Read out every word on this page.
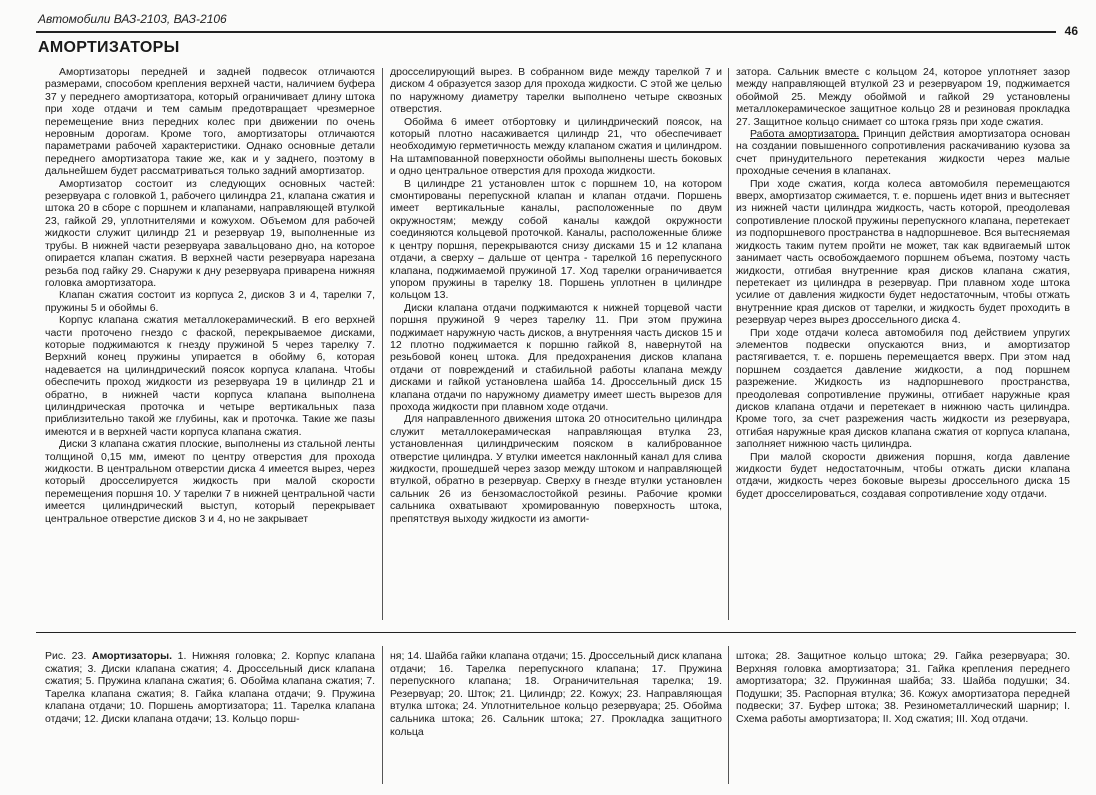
Автомобили ВАЗ-2103, ВАЗ-2106
46
АМОРТИЗАТОРЫ

Амортизаторы передней и задней подвесок отличаются размерами, способом крепления верхней части, наличием буфера 37 у переднего амортизатора, который ограничивает длину штока при ходе отдачи и тем самым предотвращает чрезмерное перемещение вниз передних колес при движении по очень неровным дорогам. Кроме того, амортизаторы отличаются параметрами рабочей характеристики. Однако основные детали переднего амортизатора такие же, как и у заднего, поэтому в дальнейшем будет рассматриваться только задний амортизатор.

Амортизатор состоит из следующих основных частей: резервуара с головкой 1, рабочего цилиндра 21, клапана сжатия и штока 20 в сборе с поршнем и клапанами, направляющей втулкой 23, гайкой 29, уплотнителями и кожухом. Объемом для рабочей жидкости служит цилиндр 21 и резервуар 19, выполненные из трубы. В нижней части резервуара завальцовано дно, на которое опирается клапан сжатия. В верхней части резервуара нарезана резьба под гайку 29. Снаружи к дну резервуара приварена нижняя головка амортизатора.

Клапан сжатия состоит из корпуса 2, дисков 3 и 4, тарелки 7, пружины 5 и обоймы 6.

Корпус клапана сжатия металлокерамический. В его верхней части проточено гнездо с фаской, перекрываемое дисками, которые поджимаются к гнезду пружиной 5 через тарелку 7. Верхний конец пружины упирается в обойму 6, которая надевается на цилиндрический поясок корпуса клапана. Чтобы обеспечить проход жидкости из резервуара 19 в цилиндр 21 и обратно, в нижней части корпуса клапана выполнена цилиндрическая проточка и четыре вертикальных паза приблизительно такой же глубины, как и проточка. Такие же пазы имеются и в верхней части корпуса клапана сжатия.

Диски 3 клапана сжатия плоские, выполнены из стальной ленты толщиной 0,15 мм, имеют по центру отверстия для прохода жидкости. В центральном отверстии диска 4 имеется вырез, через который дросселируется жидкость при малой скорости перемещения поршня 10. У тарелки 7 в нижней центральной части имеется цилиндрический выступ, который перекрывает центральное отверстие дисков 3 и 4, но не закрывает

дросселирующий вырез. В собранном виде между тарелкой 7 и диском 4 образуется зазор для прохода жидкости. С этой же целью по наружному диаметру тарелки выполнено четыре сквозных отверстия.

Обойма 6 имеет отбортовку и цилиндрический поясок, на который плотно насаживается цилиндр 21, что обеспечивает необходимую герметичность между клапаном сжатия и цилиндром. На штампованной поверхности обоймы выполнены шесть боковых и одно центральное отверстия для прохода жидкости.

В цилиндре 21 установлен шток с поршнем 10, на котором смонтированы перепускной клапан и клапан отдачи. Поршень имеет вертикальные каналы, расположенные по двум окружностям; между собой каналы каждой окружности соединяются кольцевой проточкой. Каналы, расположенные ближе к центру поршня, перекрываются снизу дисками 15 и 12 клапана отдачи, а сверху – дальше от центра - тарелкой 16 перепускного клапана, поджимаемой пружиной 17. Ход тарелки ограничивается упором пружины в тарелку 18. Поршень уплотнен в цилиндре кольцом 13.

Диски клапана отдачи поджимаются к нижней торцевой части поршня пружиной 9 через тарелку 11. При этом пружина поджимает наружную часть дисков, а внутренняя часть дисков 15 и 12 плотно поджимается к поршню гайкой 8, навернутой на резьбовой конец штока. Для предохранения дисков клапана отдачи от повреждений и стабильной работы клапана между дисками и гайкой установлена шайба 14. Дроссельный диск 15 клапана отдачи по наружному диаметру имеет шесть вырезов для прохода жидкости при плавном ходе отдачи.

Для направленного движения штока 20 относительно цилиндра служит металлокерамическая направляющая втулка 23, установленная цилиндрическим пояском в калиброванное отверстие цилиндра. У втулки имеется наклонный канал для слива жидкости, прошедшей через зазор между штоком и направляющей втулкой, обратно в резервуар. Сверху в гнезде втулки установлен сальник 26 из бензомаслостойкой резины. Рабочие кромки сальника охватывают хромированную поверхность штока, препятствуя выходу жидкости из амorти-

затора. Сальник вместе с кольцом 24, которое уплотняет зазор между направляющей втулкой 23 и резервуаром 19, поджимается обоймой 25. Между обоймой и гайкой 29 установлены металлокерамическое защитное кольцо 28 и резиновая прокладка 27. Защитное кольцо снимает со штока грязь при ходе сжатия.

Работа амортизатора. Принцип действия амортизатора основан на создании повышенного сопротивления раскачиванию кузова за счет принудительного перетекания жидкости через малые проходные сечения в клапанах.

При ходе сжатия, когда колеса автомобиля перемещаются вверх, амортизатор сжимается, т. е. поршень идет вниз и вытесняет из нижней части цилиндра жидкость, часть которой, преодолевая сопротивление плоской пружины перепускного клапана, перетекает из подпоршневого пространства в надпоршневое. Вся вытесняемая жидкость таким путем пройти не может, так как вдвигаемый шток занимает часть освобождаемого поршнем объема, поэтому часть жидкости, отгибая внутренние края дисков клапана сжатия, перетекает из цилиндра в резервуар. При плавном ходе штока усилие от давления жидкости будет недостаточным, чтобы отжать внутренние края дисков от тарелки, и жидкость будет проходить в резервуар через вырез дроссельного диска 4.

При ходе отдачи колеса автомобиля под действием упругих элементов подвески опускаются вниз, и амортизатор растягивается, т. е. поршень перемещается вверх. При этом над поршнем создается давление жидкости, а под поршнем разрежение. Жидкость из надпоршневого пространства, преодолевая сопротивление пружины, отгибает наружные края дисков клапана отдачи и перетекает в нижнюю часть цилиндра. Кроме того, за счет разрежения часть жидкости из резервуара, отгибая наружные края дисков клапана сжатия от корпуса клапана, заполняет нижнюю часть цилиндра.

При малой скорости движения поршня, когда давление жидкости будет недостаточным, чтобы отжать диски клапана отдачи, жидкость через боковые вырезы дроссельного диска 15 будет дросселироваться, создавая сопротивление ходу отдачи.

Рис. 23. Амортизаторы. 1. Нижняя головка; 2. Корпус клапана сжатия; 3. Диски клапана сжатия; 4. Дроссельный диск клапана сжатия; 5. Пружина клапана сжатия; 6. Обойма клапана сжатия; 7. Тарелка клапана сжатия; 8. Гайка клапана отдачи; 9. Пружина клапана отдачи; 10. Поршень амортизатора; 11. Тарелка клапана отдачи; 12. Диски клапана отдачи; 13. Кольцо порш-
ня; 14. Шайба гайки клапана отдачи; 15. Дроссельный диск клапана отдачи; 16. Тарелка перепускного клапана; 17. Пружина перепускного клапана; 18. Ограничительная тарелка; 19. Резервуар; 20. Шток; 21. Цилиндр; 22. Кожух; 23. Направляющая втулка штока; 24. Уплотнительное кольцо резервуара; 25. Обойма сальника штока; 26. Сальник штока; 27. Прокладка защитного кольца
штока; 28. Защитное кольцо штока; 29. Гайка резервуара; 30. Верхняя головка амортизатора; 31. Гайка крепления переднего амортизатора; 32. Пружинная шайба; 33. Шайба подушки; 34. Подушки; 35. Распорная втулка; 36. Кожух амортизатора передней подвески; 37. Буфер штока; 38. Резинометаллический шарнир; I. Схема работы амортизатора; II. Ход сжатия; III. Ход отдачи.
